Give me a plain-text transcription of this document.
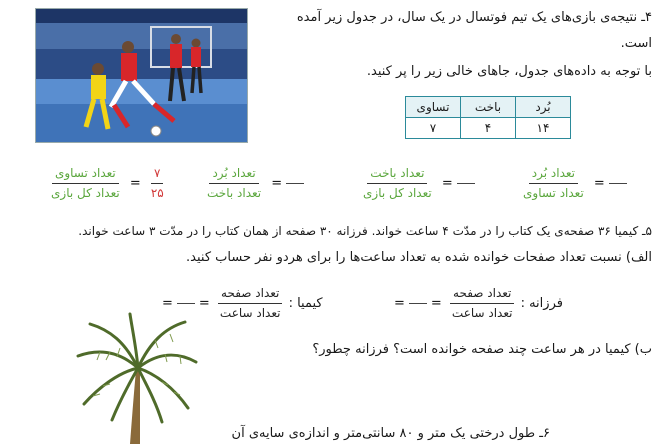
۴ـ نتیجه‌ی بازی‌های یک تیم فوتسال در یک سال، در جدول زیر آمده
است.
با توجه به داده‌های جدول، جاهای خالی زیر را پر کنید.
تساوی	باخت	بُرد
۷	۴	۱۴
$\frac{\text{تعداد تساوی}}{\text{تعداد کل بازی}} = \frac{۷}{۲۵}$	$\frac{\text{تعداد بُرد}}{\text{تعداد باخت}}$ =	$\frac{\text{تعداد باخت}}{\text{تعداد کل بازی}}$ =	$\frac{\text{تعداد بُرد}}{\text{تعداد تساوی}}$ =
۵ـ کیمیا ۳۶ صفحه‌ی یک کتاب را در مدّت ۴ ساعت خواند. فرزانه ۳۰ صفحه از همان کتاب را در مدّت ۳ ساعت خواند.
الف) نسبت تعداد صفحات خوانده شده به تعداد ساعت‌ها را برای هردو نفر حساب کنید.
= = $\frac{\text{تعداد صفحه}}{\text{تعداد ساعت}}$ فرزانه :
= = $\frac{\text{تعداد صفحه}}{\text{تعداد ساعت}}$ کیمیا :
ب) کیمیا در هر ساعت چند صفحه خوانده است؟ فرزانه چطور؟
۶ـ طول درختی یک متر و ۸۰ سانتی‌متر و اندازه‌ی سایه‌ی آن
